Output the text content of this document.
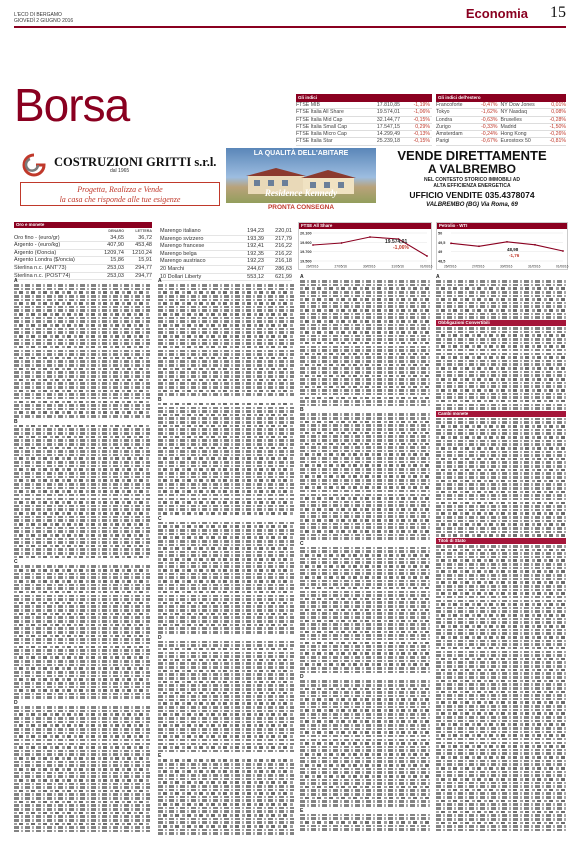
L'ECO DI BERGAMO
GIOVEDÌ 2 GIUGNO 2016	Economia 15
Borsa	Gli indici
FTSE MIB	17.810,85	-1,19%
FTSE Italia All Share	19.574,01	-1,06%
FTSE Italia Mid Cap	32.144,77	-0,15%
FTSE Italia Small Cap	17.547,15	0,29%
FTSE Italia Micro Cap	14.299,49	-0,13%
FTSE Italia Star	25.239,18	-0,15%
Gli indici dell'estero
Francoforte	-0,47% NY Dow Jones	0,01%
Tokyo	-1,62% NY Nasdaq	0,08%
Londra	-0,63% Bruxelles	-0,28%
Zurigo	-0,33% Madrid	-1,50%
Amsterdam	-0,24% Hong Kong	-0,26%
Parigi	-0,67% Eurostoxx 50	-0,81%
COSTRUZIONI GRITTI s.r.l.
dal 1965
Progetta, Realizza e Vende
la casa che risponde alle tue esigenze
LA QUALITÀ DELL'ABITARE
Residence Kennedy
PRONTA CONSEGNA
VENDE DIRETTAMENTE
A VALBREMBO
NEL CONTESTO STORICO IMMOBILI AD
ALTA EFFICIENZA ENERGETICA
UFFICIO VENDITE 035.4378074
VALBREMBO (BG) Via Roma, 69
Oro e monete
DENARO	LETTERA
Oro fino - (euro/gr)	34,65	36,72
Argento - (euro/kg)	407,90	453,48
Argento (€/oncia)	1209,74	1210,24
Argento Londra ($/oncia)	15,86	15,91
Sterlina n.c. (ANT'73)	253,03	294,77
Sterlina n.c. (POST'74)	253,03	294,77
Marengo italiano	194,23	220,01
Marengo svizzero	193,39	217,79
Marengo francese	192,41	216,22
Marengo belga	192,35	216,22
Marengo austriaco	192,23	216,18
20 Marchi	244,67	286,63
10 Dollari Liberty	553,12	621,99
FTSE All Share
20.100
19.900
19.700
19.500
26/05/16	27/05/16	30/05/16	31/05/16	01/06/16
19.574,01
-1,06%
Petrolio - WTI
50
49,5
49
48,5
26/05/16	27/05/16	30/05/16	31/05/16	01/06/16
48,98
-1,76
A
B
C
D
A
B
C
D
E
A
B
C
D
E
A
Obbligazioni Convertibili
Cambi monete
Titoli di Stato
